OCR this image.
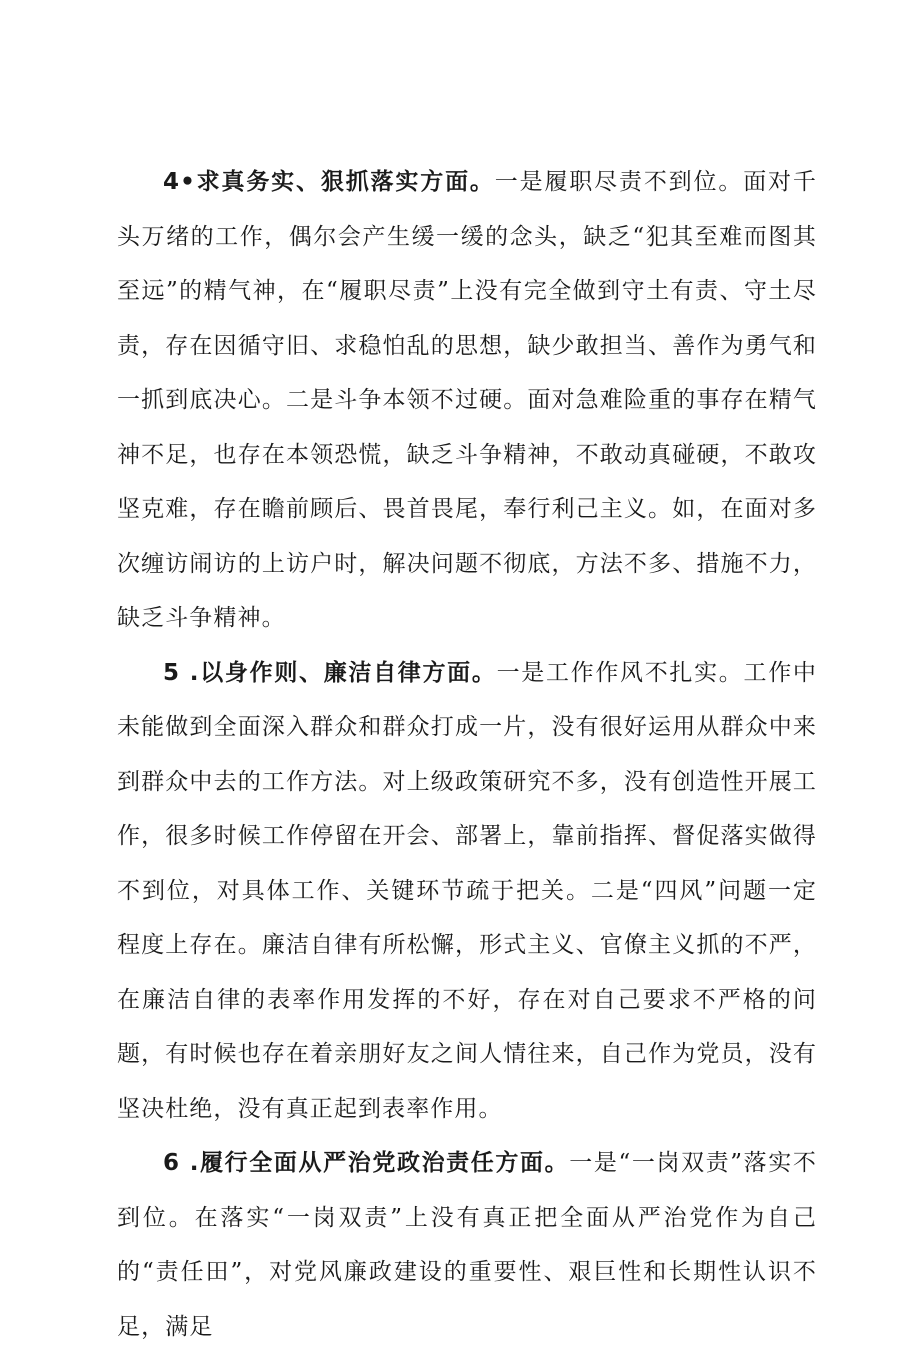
4•求真务实、狠抓落实方面。一是履职尽责不到位。面对千头万绪的工作，偶尔会产生缓一缓的念头，缺乏“犯其至难而图其至远”的精气神，在“履职尽责”上没有完全做到守土有责、守土尽责，存在因循守旧、求稳怕乱的思想，缺少敢担当、善作为勇气和一抓到底决心。二是斗争本领不过硬。面对急难险重的事存在精气神不足，也存在本领恐慌，缺乏斗争精神，不敢动真碰硬，不敢攻坚克难，存在瞻前顾后、畏首畏尾，奉行利己主义。如，在面对多次缠访闹访的上访户时，解决问题不彻底，方法不多、措施不力，缺乏斗争精神。

5 .以身作则、廉洁自律方面。一是工作作风不扎实。工作中未能做到全面深入群众和群众打成一片，没有很好运用从群众中来到群众中去的工作方法。对上级政策研究不多，没有创造性开展工作，很多时候工作停留在开会、部署上，靠前指挥、督促落实做得不到位，对具体工作、关键环节疏于把关。二是“四风”问题一定程度上存在。廉洁自律有所松懈，形式主义、官僚主义抓的不严，在廉洁自律的表率作用发挥的不好，存在对自己要求不严格的问题，有时候也存在着亲朋好友之间人情往来，自己作为党员，没有坚决杜绝，没有真正起到表率作用。

6 .履行全面从严治党政治责任方面。一是“一岗双责”落实不到位。在落实“一岗双责”上没有真正把全面从严治党作为自己的“责任田”，对党风廉政建设的重要性、艰巨性和长期性认识不足，满足
